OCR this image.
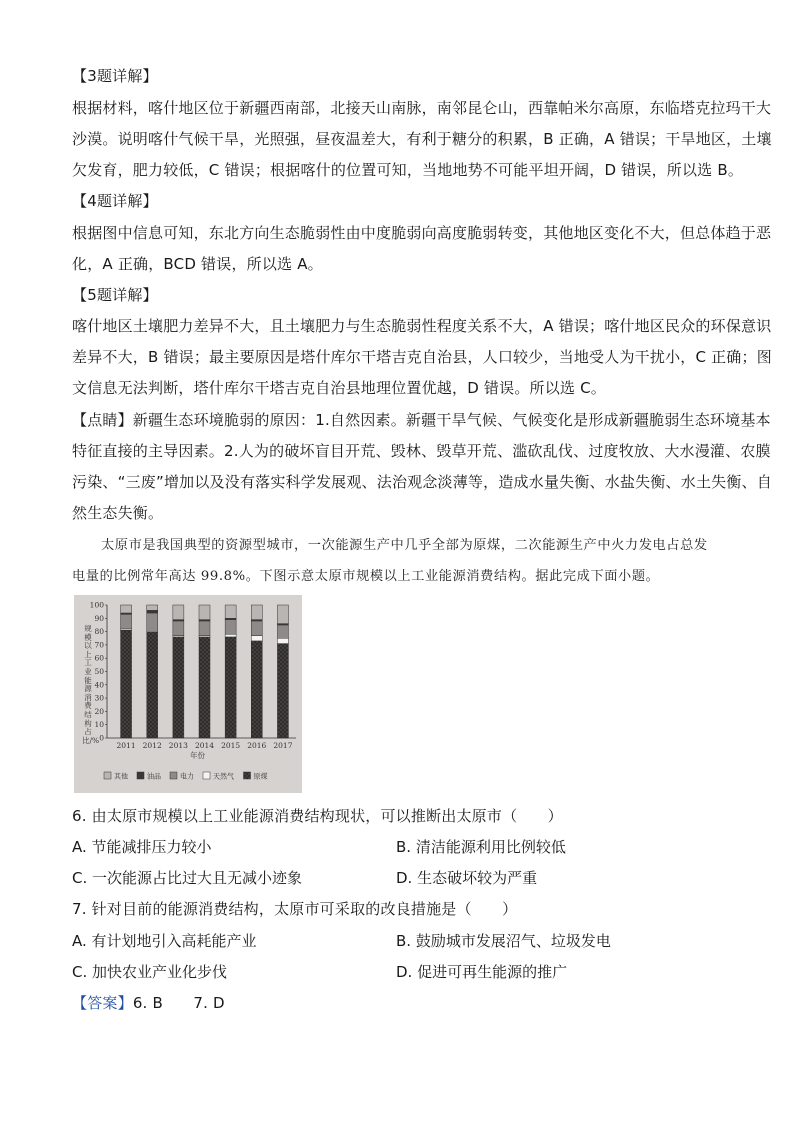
【3题详解】
根据材料，喀什地区位于新疆西南部，北接天山南脉，南邻昆仑山，西靠帕米尔高原，东临塔克拉玛干大
沙漠。说明喀什气候干旱，光照强，昼夜温差大，有利于糖分的积累，B 正确，A 错误；干旱地区，土壤
欠发育，肥力较低，C 错误；根据喀什的位置可知，当地地势不可能平坦开阔，D 错误，所以选 B。
【4题详解】
根据图中信息可知，东北方向生态脆弱性由中度脆弱向高度脆弱转变，其他地区变化不大，但总体趋于恶
化，A 正确，BCD 错误，所以选 A。
【5题详解】
喀什地区土壤肥力差异不大，且土壤肥力与生态脆弱性程度关系不大，A 错误；喀什地区民众的环保意识
差异不大，B 错误；最主要原因是塔什库尔干塔吉克自治县，人口较少，当地受人为干扰小，C 正确；图
文信息无法判断，塔什库尔干塔吉克自治县地理位置优越，D 错误。所以选 C。
【点睛】新疆生态环境脆弱的原因：1.自然因素。新疆干旱气候、气候变化是形成新疆脆弱生态环境基本
特征直接的主导因素。2.人为的破坏盲目开荒、毁林、毁草开荒、滥砍乱伐、过度牧放、大水漫灌、农膜
污染、“三废”增加以及没有落实科学发展观、法治观念淡薄等，造成水量失衡、水盐失衡、水土失衡、自
然生态失衡。
太原市是我国典型的资源型城市，一次能源生产中几乎全部为原煤，二次能源生产中火力发电占总发
电量的比例常年高达 99.8%。下图示意太原市规模以上工业能源消费结构。据此完成下面小题。
100
90
80
70
60
50
40
30
20
10
0
2011 2012 2013 2014 2015 2016 2017
年份
其他	油品	电力	天然气	原煤
规模以上工业能源消费结构占比/%
6. 由太原市规模以上工业能源消费结构现状，可以推断出太原市（　　）
A. 节能减排压力较小	B. 清洁能源利用比例较低
C. 一次能源占比过大且无减小迹象	D. 生态破坏较为严重
7. 针对目前的能源消费结构，太原市可采取的改良措施是（　　）
A. 有计划地引入高耗能产业	B. 鼓励城市发展沼气、垃圾发电
C. 加快农业产业化步伐	D. 促进可再生能源的推广
【答案】6. B　　7. D
